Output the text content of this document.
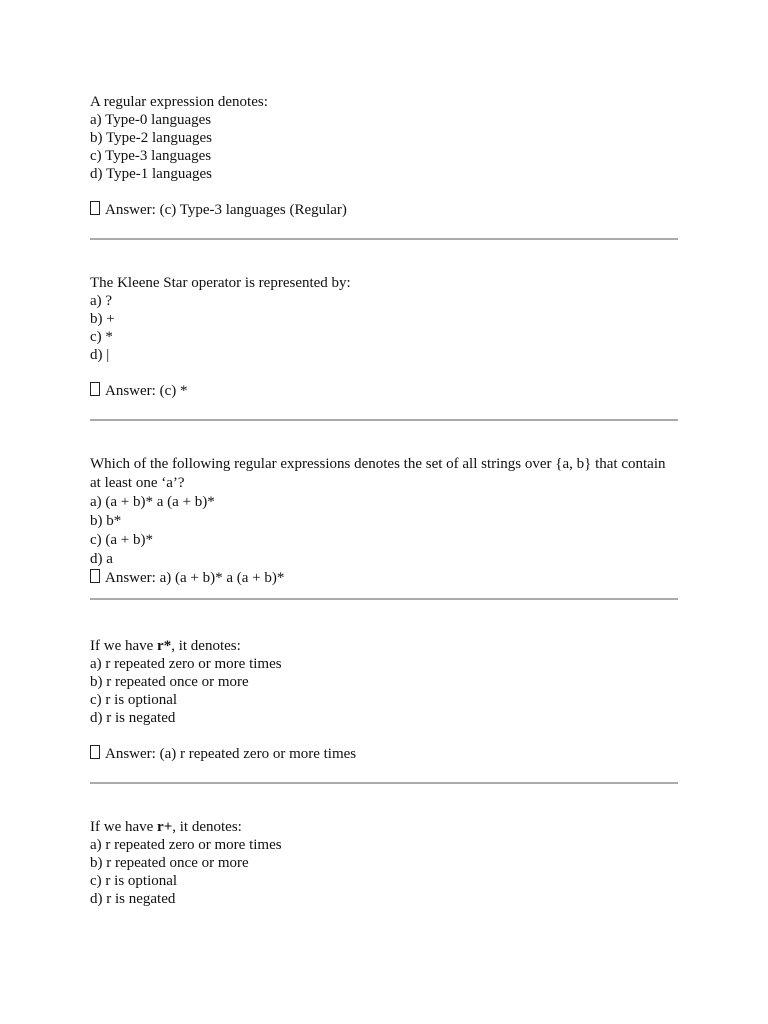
A regular expression denotes:
a) Type-0 languages
b) Type-2 languages
c) Type-3 languages
d) Type-1 languages
Answer: (c) Type-3 languages (Regular)
The Kleene Star operator is represented by:
a) ?
b) +
c) *
d) |
Answer: (c) *
Which of the following regular expressions denotes the set of all strings over {a, b} that contain at least one ‘a’?
a) (a + b)* a (a + b)*
b) b*
c) (a + b)*
d) a
Answer: a) (a + b)* a (a + b)*
If we have r*, it denotes:
a) r repeated zero or more times
b) r repeated once or more
c) r is optional
d) r is negated
Answer: (a) r repeated zero or more times
If we have r+, it denotes:
a) r repeated zero or more times
b) r repeated once or more
c) r is optional
d) r is negated
